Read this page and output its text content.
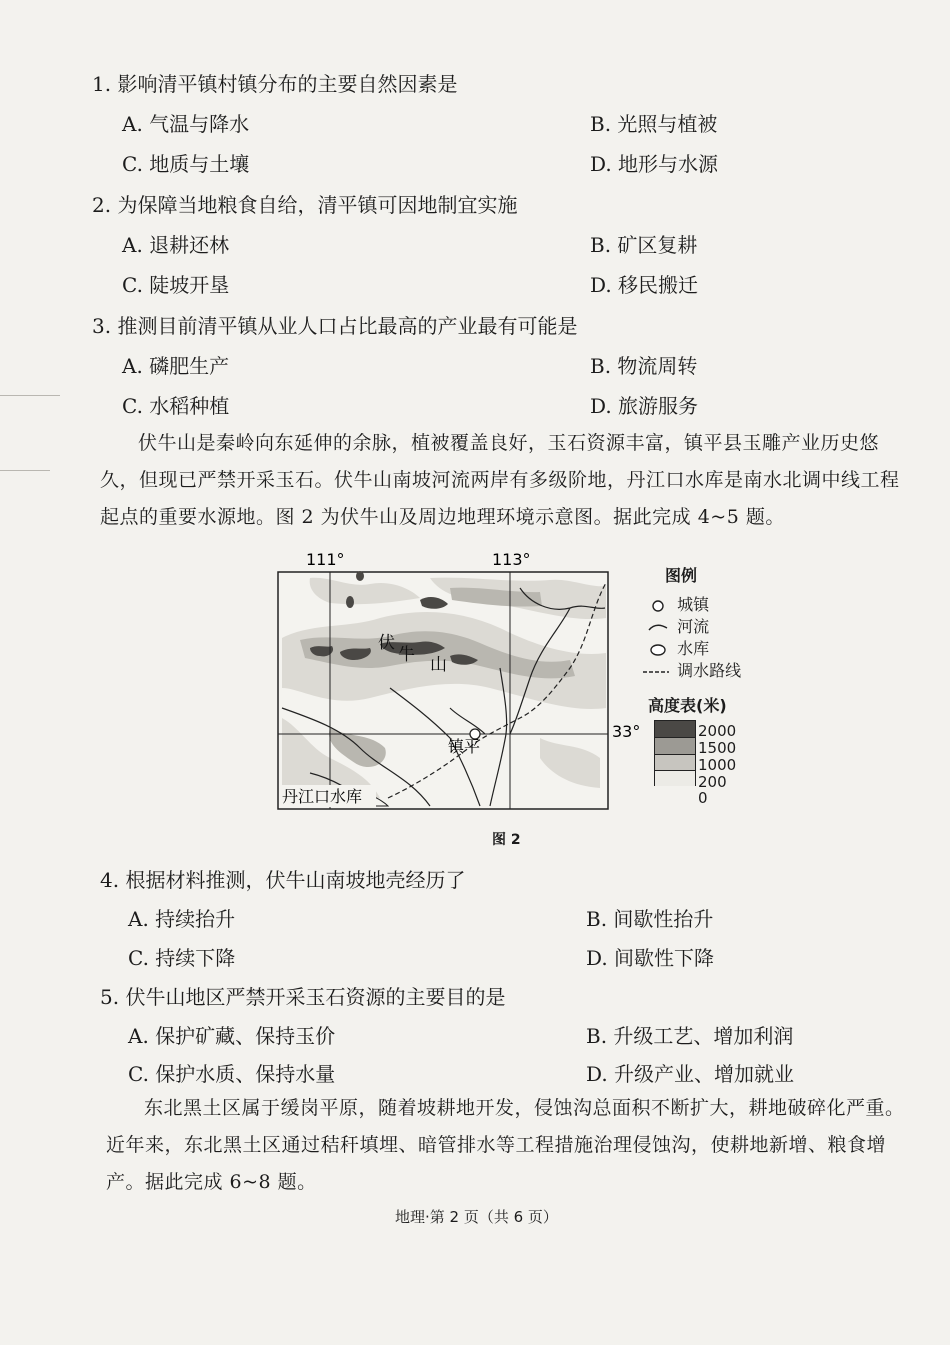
1. 影响清平镇村镇分布的主要自然因素是
A. 气温与降水	B. 光照与植被
C. 地质与土壤	D. 地形与水源
2. 为保障当地粮食自给，清平镇可因地制宜实施
A. 退耕还林	B. 矿区复耕
C. 陡坡开垦	D. 移民搬迁
3. 推测目前清平镇从业人口占比最高的产业最有可能是
A. 磷肥生产	B. 物流周转
C. 水稻种植	D. 旅游服务
伏牛山是秦岭向东延伸的余脉，植被覆盖良好，玉石资源丰富，镇平县玉雕产业历史悠久，但现已严禁开采玉石。伏牛山南坡河流两岸有多级阶地，丹江口水库是南水北调中线工程起点的重要水源地。图 2 为伏牛山及周边地理环境示意图。据此完成 4~5 题。
111°	113°
33°
伏
牛 山
镇平
丹江口水库
图例
城镇
河流
水库
调水路线
高度表(米)
2000
1500
1000
200
0
图 2
4. 根据材料推测，伏牛山南坡地壳经历了
A. 持续抬升	B. 间歇性抬升
C. 持续下降	D. 间歇性下降
5. 伏牛山地区严禁开采玉石资源的主要目的是
A. 保护矿藏、保持玉价	B. 升级工艺、增加利润
C. 保护水质、保持水量	D. 升级产业、增加就业
东北黑土区属于缓岗平原，随着坡耕地开发，侵蚀沟总面积不断扩大，耕地破碎化严重。近年来，东北黑土区通过秸秆填埋、暗管排水等工程措施治理侵蚀沟，使耕地新增、粮食增产。据此完成 6~8 题。
地理·第 2 页（共 6 页）
